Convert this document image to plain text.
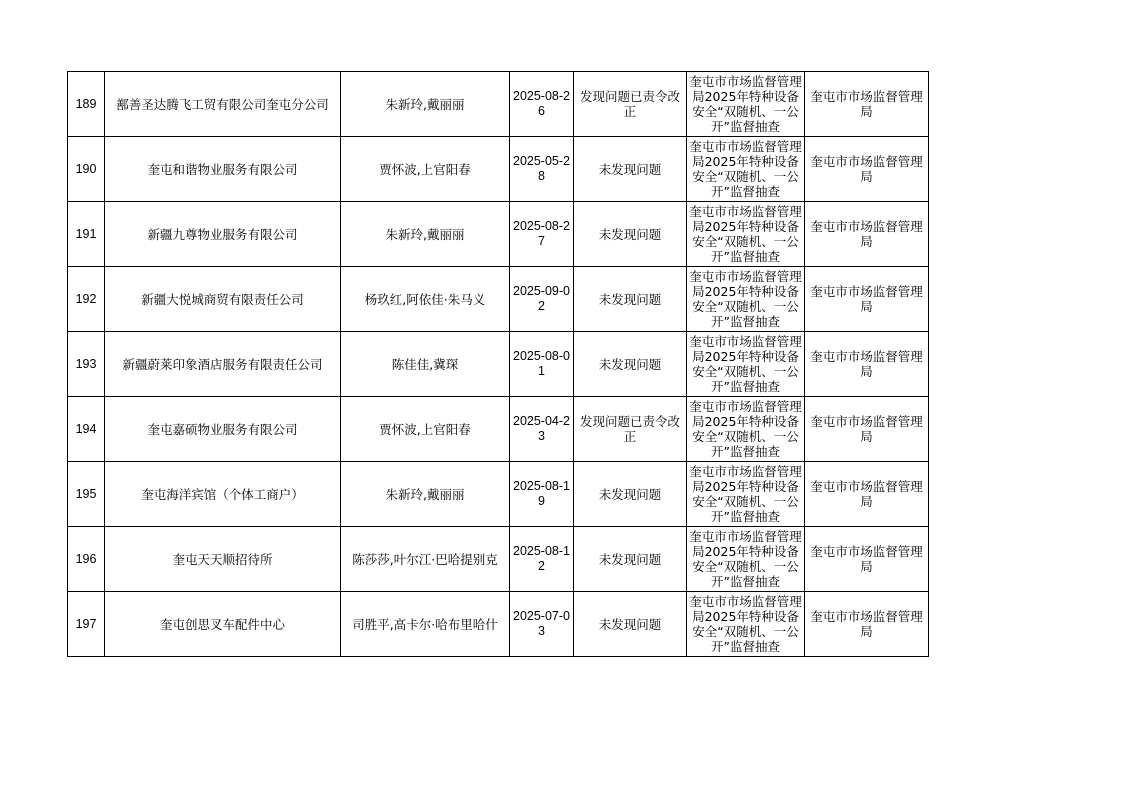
189	鄯善圣达腾飞工贸有限公司奎屯分公司	朱新玲,戴丽丽	2025-08-26	发现问题已责令改正	奎屯市市场监督管理局2025年特种设备安全“双随机、一公开”监督抽查	奎屯市市场监督管理局
190	奎屯和谐物业服务有限公司	贾怀波,上官阳春	2025-05-28	未发现问题	奎屯市市场监督管理局2025年特种设备安全“双随机、一公开”监督抽查	奎屯市市场监督管理局
191	新疆九尊物业服务有限公司	朱新玲,戴丽丽	2025-08-27	未发现问题	奎屯市市场监督管理局2025年特种设备安全“双随机、一公开”监督抽查	奎屯市市场监督管理局
192	新疆大悦城商贸有限责任公司	杨玖红,阿依佳·朱马义	2025-09-02	未发现问题	奎屯市市场监督管理局2025年特种设备安全“双随机、一公开”监督抽查	奎屯市市场监督管理局
193	新疆蔚莱印象酒店服务有限责任公司	陈佳佳,冀琛	2025-08-01	未发现问题	奎屯市市场监督管理局2025年特种设备安全“双随机、一公开”监督抽查	奎屯市市场监督管理局
194	奎屯嘉硕物业服务有限公司	贾怀波,上官阳春	2025-04-23	发现问题已责令改正	奎屯市市场监督管理局2025年特种设备安全“双随机、一公开”监督抽查	奎屯市市场监督管理局
195	奎屯海洋宾馆（个体工商户）	朱新玲,戴丽丽	2025-08-19	未发现问题	奎屯市市场监督管理局2025年特种设备安全“双随机、一公开”监督抽查	奎屯市市场监督管理局
196	奎屯天天顺招待所	陈莎莎,叶尔江·巴哈提别克	2025-08-12	未发现问题	奎屯市市场监督管理局2025年特种设备安全“双随机、一公开”监督抽查	奎屯市市场监督管理局
197	奎屯创思叉车配件中心	司胜平,高卡尔·哈布里哈什	2025-07-03	未发现问题	奎屯市市场监督管理局2025年特种设备安全“双随机、一公开”监督抽查	奎屯市市场监督管理局
